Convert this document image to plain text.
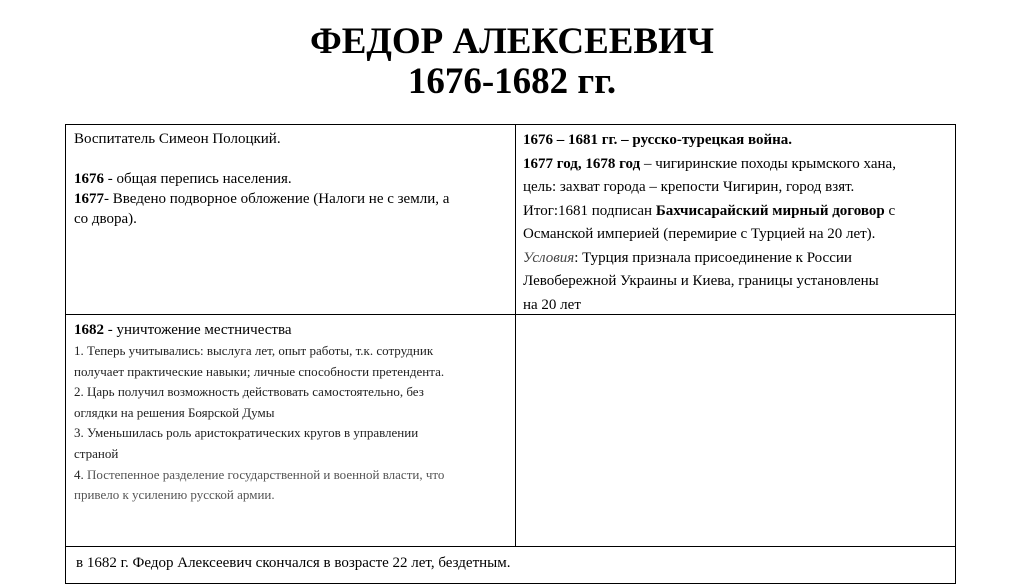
ФЕДОР АЛЕКСЕЕВИЧ
1676-1682 гг.
Воспитатель Симеон Полоцкий.
1676 - общая перепись населения.
1677- Введено подворное обложение (Налоги не с земли, а
со двора).
1676 – 1681 гг. – русско-турецкая война.
1677 год, 1678 год – чигиринские походы крымского хана,
цель: захват города – крепости Чигирин, город взят.
Итог:1681 подписан Бахчисарайский мирный договор с
Османской империей (перемирие с Турцией на 20 лет).
Условия: Турция признала присоединение к России
Левобережной Украины и Киева, границы установлены
на 20 лет
1682 - уничтожение местничества
1. Теперь учитывались: выслуга лет, опыт работы, т.к. сотрудник
получает практические навыки; личные способности претендента.
2. Царь получил возможность действовать самостоятельно, без
оглядки на решения Боярской Думы
3. Уменьшилась роль аристократических кругов в управлении
страной
4. Постепенное разделение государственной и военной власти, что
привело к усилению русской армии.
в 1682 г. Федор Алексеевич скончался в возрасте 22 лет, бездетным.
